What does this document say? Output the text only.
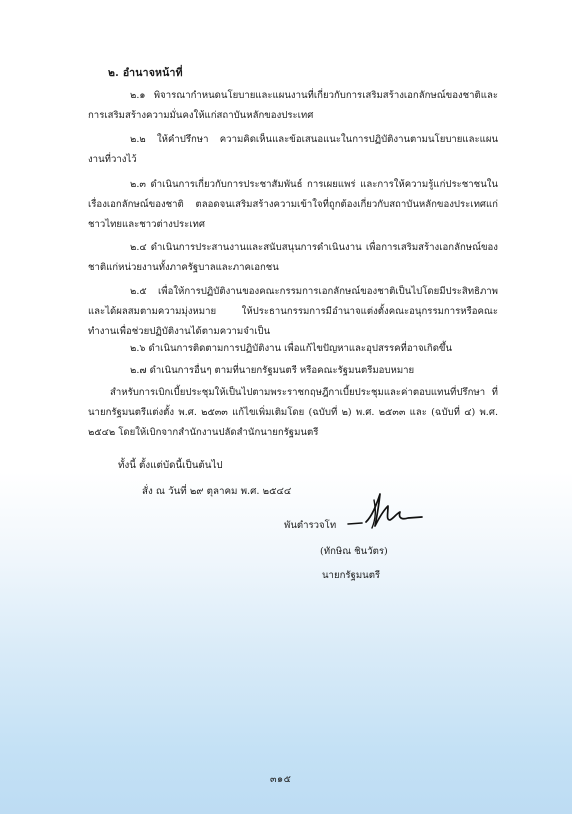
๒. อำนาจหน้าที่
๒.๑ พิจารณากำหนดนโยบายและแผนงานที่เกี่ยวกับการเสริมสร้างเอกลักษณ์ของชาติและการเสริมสร้างความมั่นคงให้แก่สถาบันหลักของประเทศ
๒.๒ ให้คำปรึกษา ความคิดเห็นและข้อเสนอแนะในการปฏิบัติงานตามนโยบายและแผนงานที่วางไว้
๒.๓ ดำเนินการเกี่ยวกับการประชาสัมพันธ์ การเผยแพร่ และการให้ความรู้แก่ประชาชนในเรื่องเอกลักษณ์ของชาติ ตลอดจนเสริมสร้างความเข้าใจที่ถูกต้องเกี่ยวกับสถาบันหลักของประเทศแก่ชาวไทยและชาวต่างประเทศ
๒.๔ ดำเนินการประสานงานและสนับสนุนการดำเนินงาน เพื่อการเสริมสร้างเอกลักษณ์ของชาติแก่หน่วยงานทั้งภาครัฐบาลและภาคเอกชน
๒.๕ เพื่อให้การปฏิบัติงานของคณะกรรมการเอกลักษณ์ของชาติเป็นไปโดยมีประสิทธิภาพและได้ผลสมตามความมุ่งหมาย ให้ประธานกรรมการมีอำนาจแต่งตั้งคณะอนุกรรมการหรือคณะทำงานเพื่อช่วยปฏิบัติงานได้ตามความจำเป็น
๒.๖ ดำเนินการติดตามการปฏิบัติงาน เพื่อแก้ไขปัญหาและอุปสรรคที่อาจเกิดขึ้น
๒.๗ ดำเนินการอื่นๆ ตามที่นายกรัฐมนตรี หรือคณะรัฐมนตรีมอบหมาย
สำหรับการเบิกเบี้ยประชุมให้เป็นไปตามพระราชกฤษฎีกาเบี้ยประชุมและค่าตอบแทนที่ปรึกษา ที่นายกรัฐมนตรีแต่งตั้ง พ.ศ. ๒๕๓๓ แก้ไขเพิ่มเติมโดย (ฉบับที่ ๒) พ.ศ. ๒๕๓๓ และ (ฉบับที่ ๔) พ.ศ. ๒๕๔๒ โดยให้เบิกจากสำนักงานปลัดสำนักนายกรัฐมนตรี
ทั้งนี้ ตั้งแต่บัดนี้เป็นต้นไป
สั่ง ณ วันที่ ๒๙ ตุลาคม พ.ศ. ๒๕๔๔
พันตำรวจโท
(ทักษิณ ชินวัตร)
นายกรัฐมนตรี
๓๑๕
